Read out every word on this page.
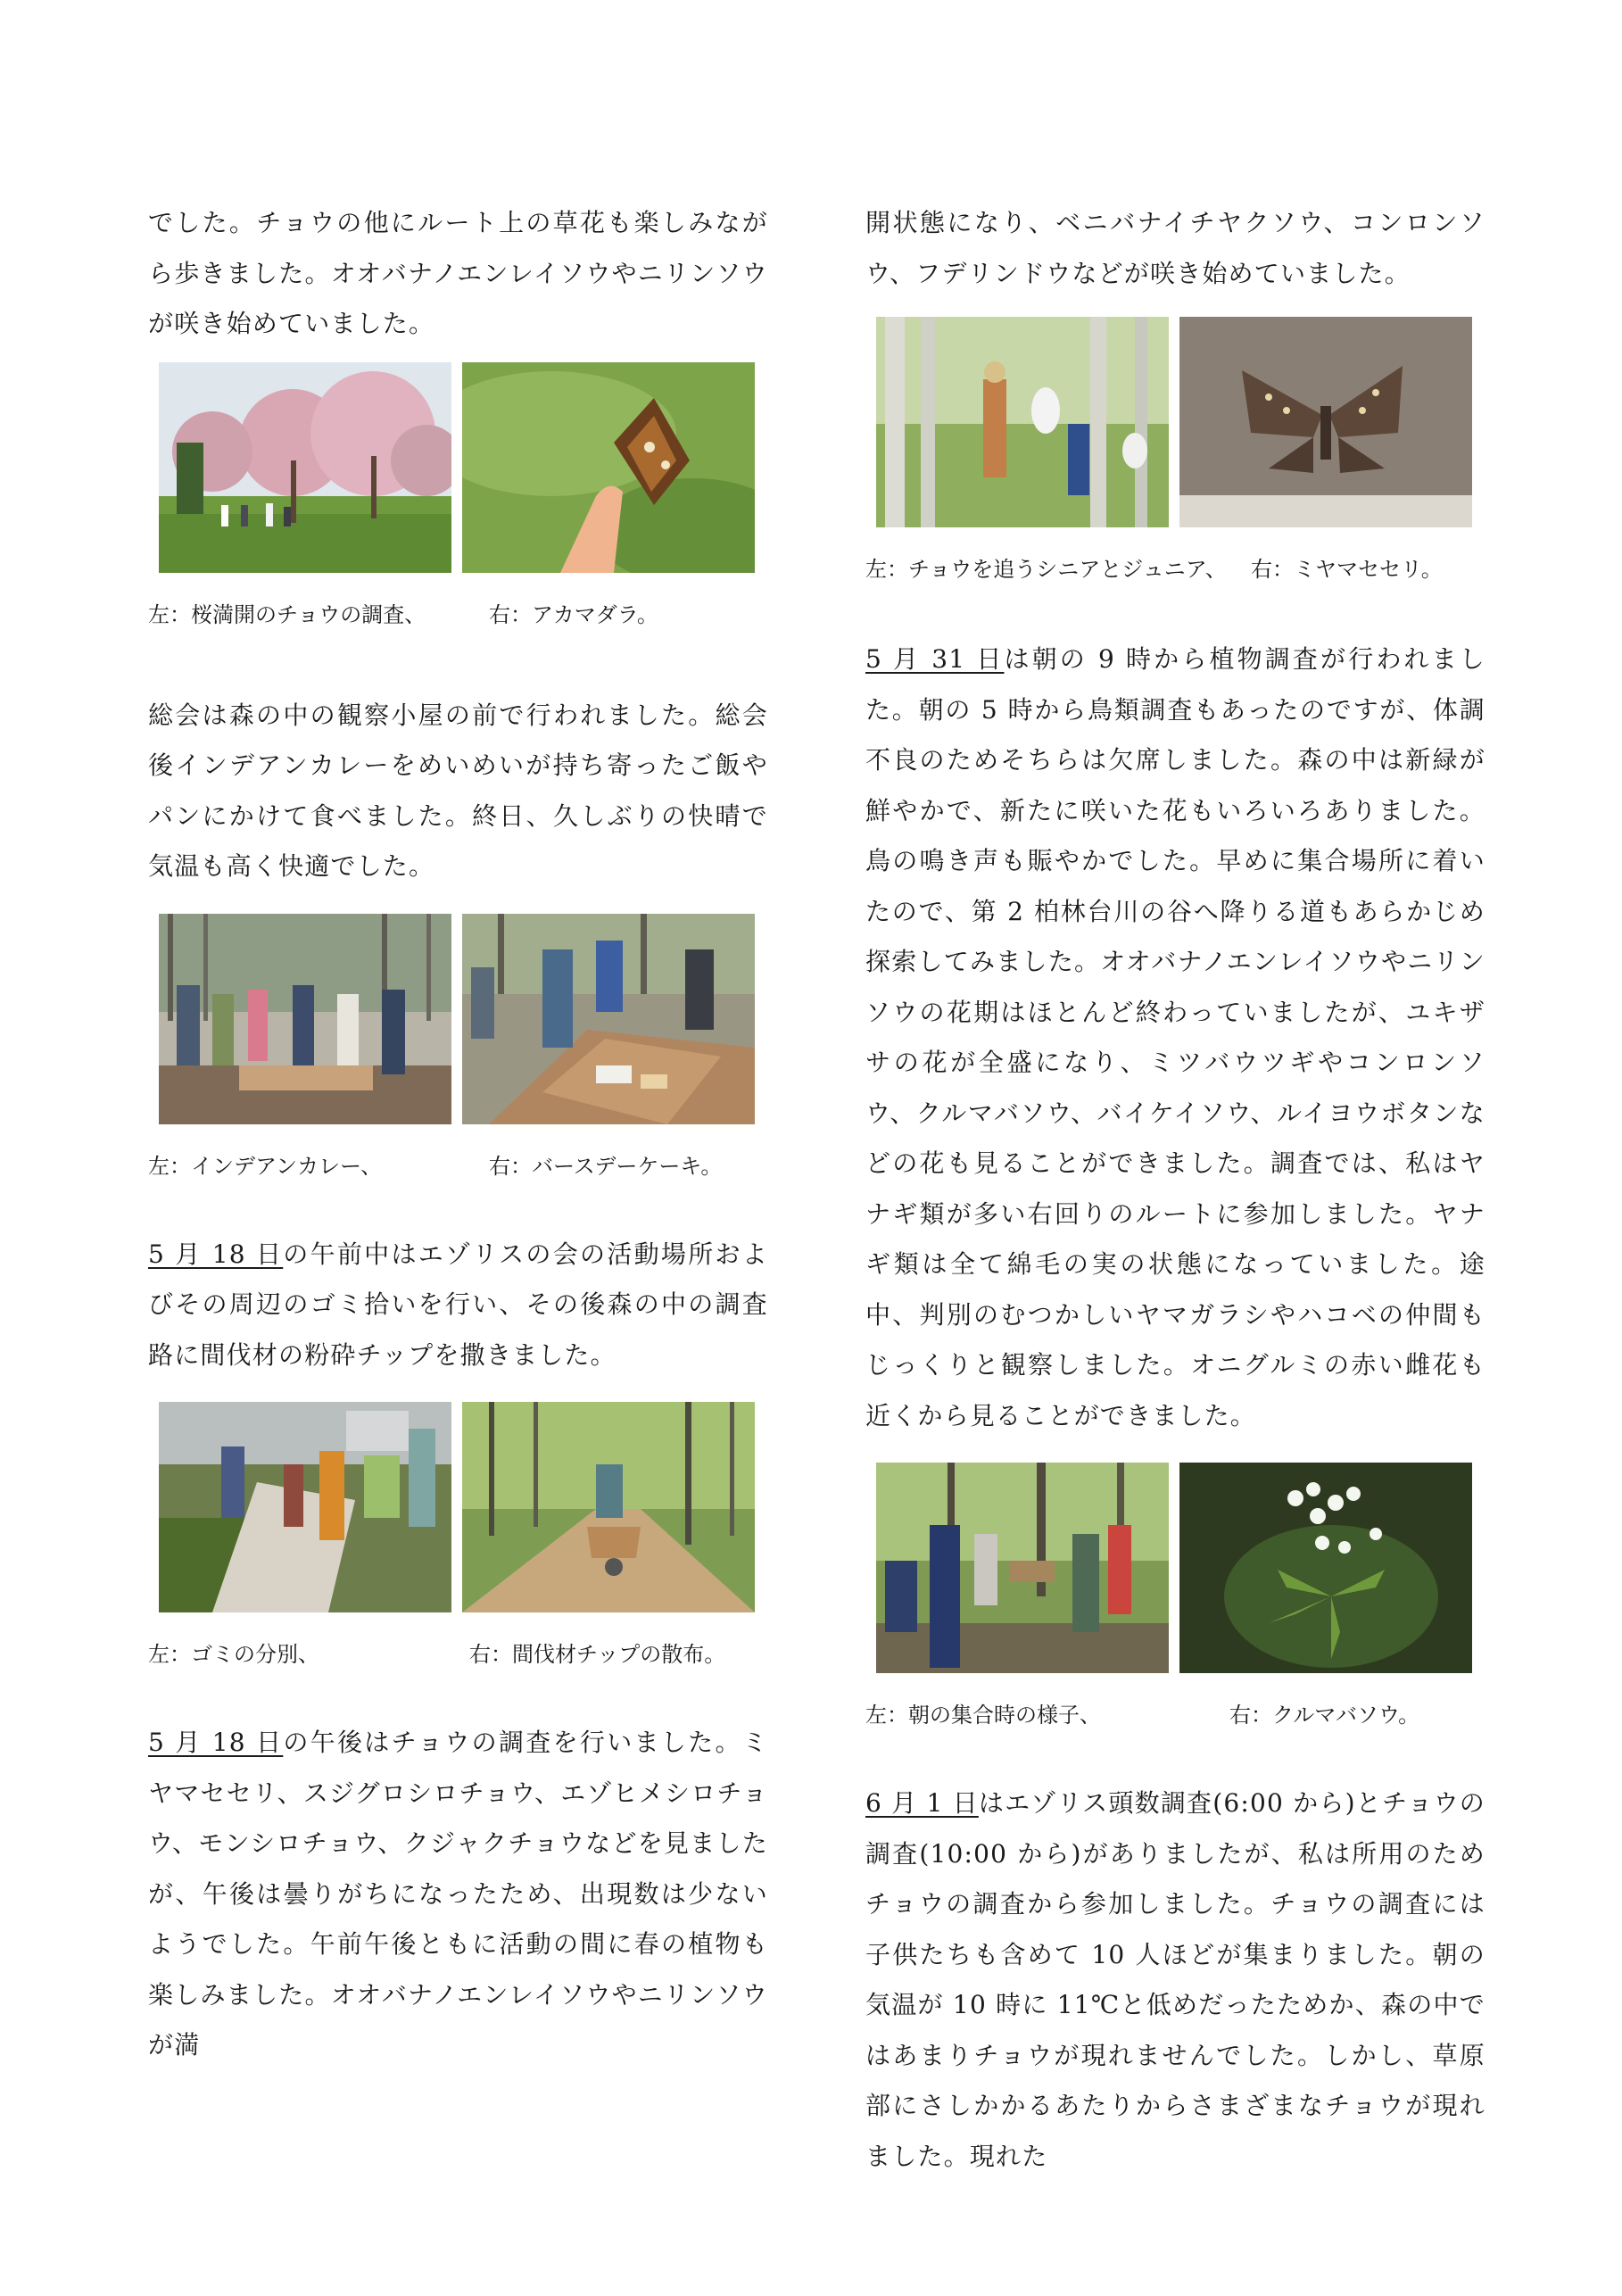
でした。チョウの他にルート上の草花も楽しみながら歩きました。オオバナノエンレイソウやニリンソウが咲き始めていました。

左：桜満開のチョウの調査、	右：アカマダラ。

総会は森の中の観察小屋の前で行われました。総会後インデアンカレーをめいめいが持ち寄ったご飯やパンにかけて食べました。終日、久しぶりの快晴で気温も高く快適でした。

左：インデアンカレー、	右：バースデーケーキ。

5 月 18 日の午前中はエゾリスの会の活動場所およびその周辺のゴミ拾いを行い、その後森の中の調査路に間伐材の粉砕チップを撒きました。

左：ゴミの分別、	右：間伐材チップの散布。

5 月 18 日の午後はチョウの調査を行いました。ミヤマセセリ、スジグロシロチョウ、エゾヒメシロチョウ、モンシロチョウ、クジャクチョウなどを見ましたが、午後は曇りがちになったため、出現数は少ないようでした。午前午後ともに活動の間に春の植物も楽しみました。オオバナノエンレイソウやニリンソウが満

開状態になり、ベニバナイチヤクソウ、コンロンソウ、フデリンドウなどが咲き始めていました。

左：チョウを追うシニアとジュニア、 右：ミヤマセセリ。

5 月 31 日は朝の 9 時から植物調査が行われました。朝の 5 時から鳥類調査もあったのですが、体調不良のためそちらは欠席しました。森の中は新緑が鮮やかで、新たに咲いた花もいろいろありました。鳥の鳴き声も賑やかでした。早めに集合場所に着いたので、第 2 柏林台川の谷へ降りる道もあらかじめ探索してみました。オオバナノエンレイソウやニリンソウの花期はほとんど終わっていましたが、ユキザサの花が全盛になり、ミツバウツギやコンロンソウ、クルマバソウ、バイケイソウ、ルイヨウボタンなどの花も見ることができました。調査では、私はヤナギ類が多い右回りのルートに参加しました。ヤナギ類は全て綿毛の実の状態になっていました。途中、判別のむつかしいヤマガラシやハコベの仲間もじっくりと観察しました。オニグルミの赤い雌花も近くから見ることができました。

左：朝の集合時の様子、	右：クルマバソウ。

6 月 1 日はエゾリス頭数調査(6:00 から)とチョウの調査(10:00 から)がありましたが、私は所用のためチョウの調査から参加しました。チョウの調査には子供たちも含めて 10 人ほどが集まりました。朝の気温が 10 時に 11℃と低めだったためか、森の中ではあまりチョウが現れませんでした。しかし、草原部にさしかかるあたりからさまざまなチョウが現れました。現れた
